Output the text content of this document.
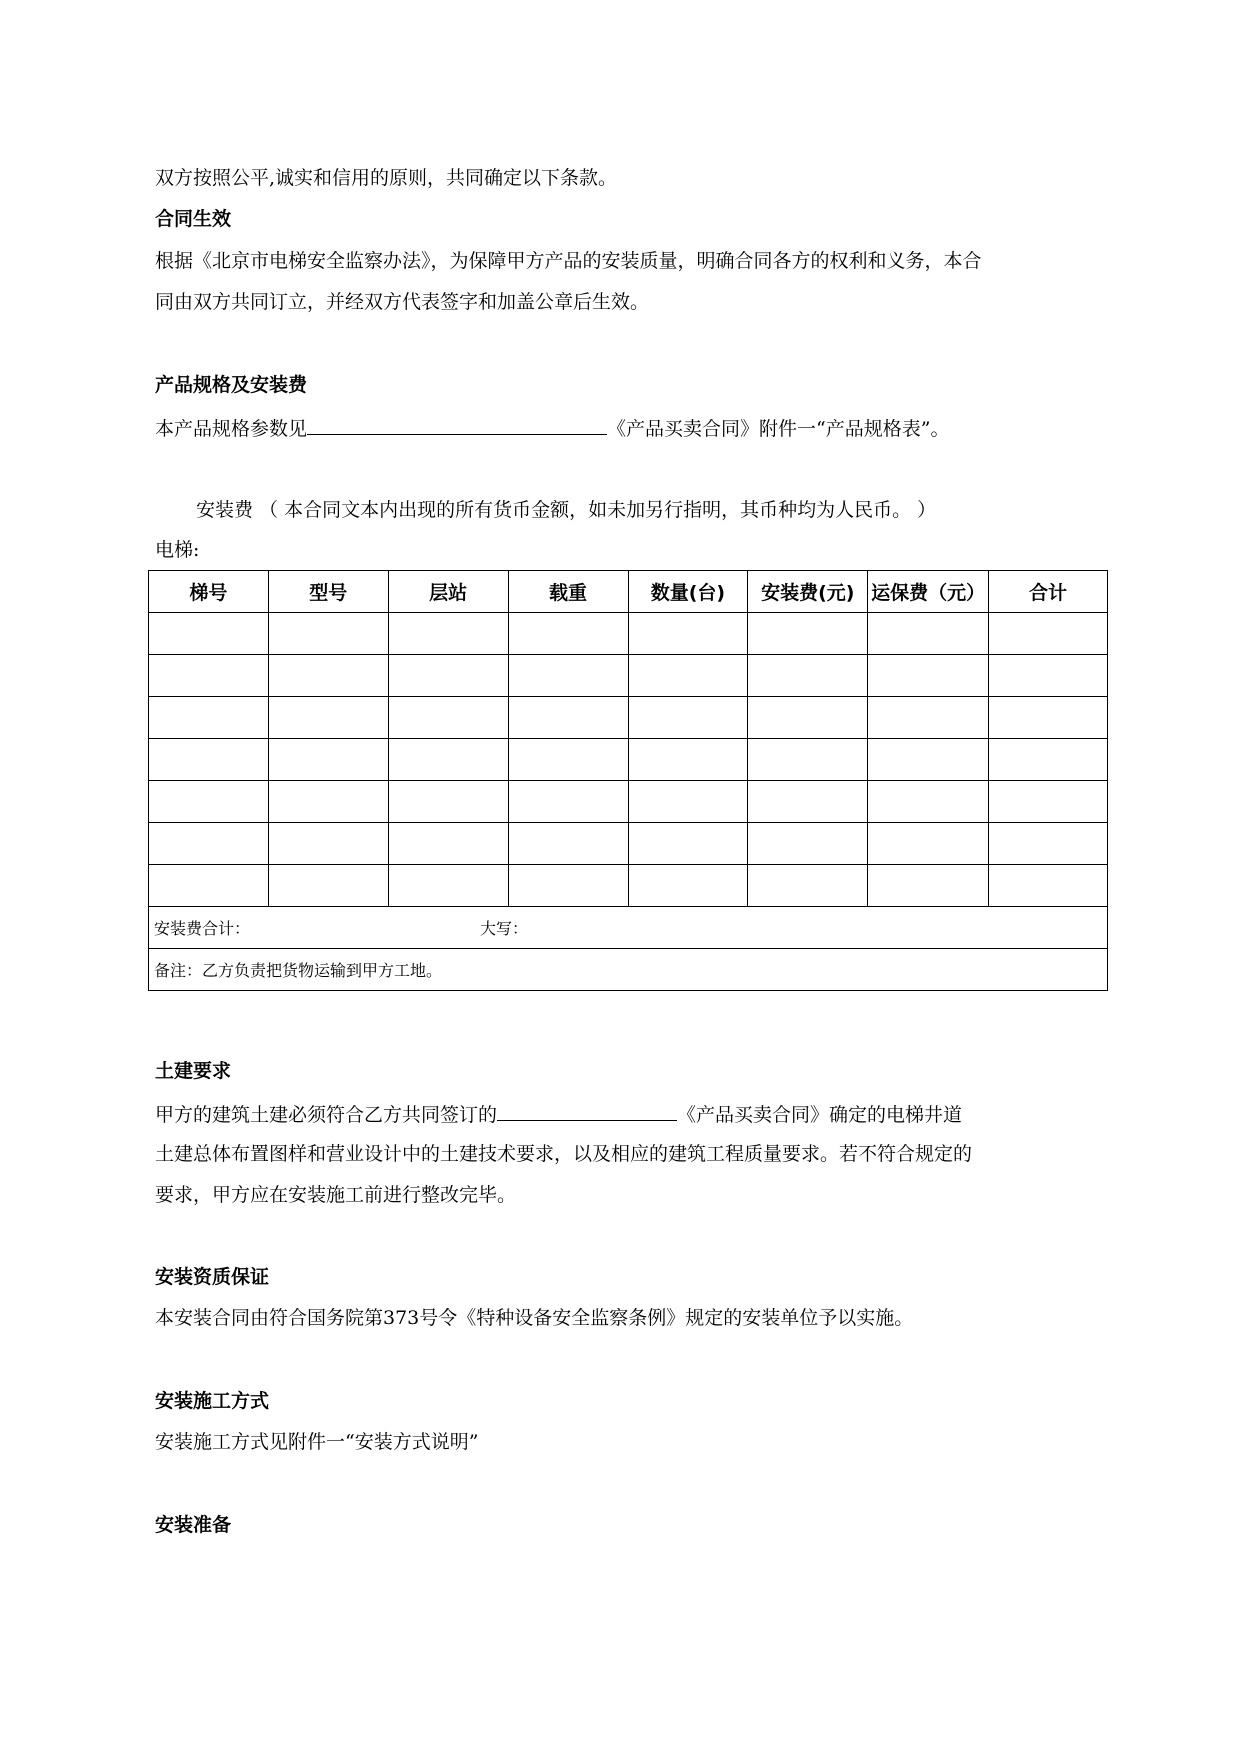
双方按照公平,诚实和信用的原则，共同确定以下条款。
合同生效
根据《北京市电梯安全监察办法》，为保障甲方产品的安装质量，明确合同各方的权利和义务，本合
同由双方共同订立，并经双方代表签字和加盖公章后生效。
产品规格及安装费
本产品规格参数见	《产品买卖合同》附件一“产品规格表”。
安装费 （ 本合同文本内出现的所有货币金额，如未加另行指明，其币种均为人民币。 ）
电梯:
梯号	型号	层站	载重	数量(台)	安装费(元)	运保费（元）	合计

安装费合计： 大写：							
备注：乙方负责把货物运输到甲方工地。							
土建要求
甲方的建筑土建必须符合乙方共同签订的	《产品买卖合同》确定的电梯井道
土建总体布置图样和营业设计中的土建技术要求，以及相应的建筑工程质量要求。若不符合规定的
要求，甲方应在安装施工前进行整改完毕。
安装资质保证
本安装合同由符合国务院第373号令《特种设备安全监察条例》规定的安装单位予以实施。
安装施工方式
安装施工方式见附件一“安装方式说明”
安装准备
